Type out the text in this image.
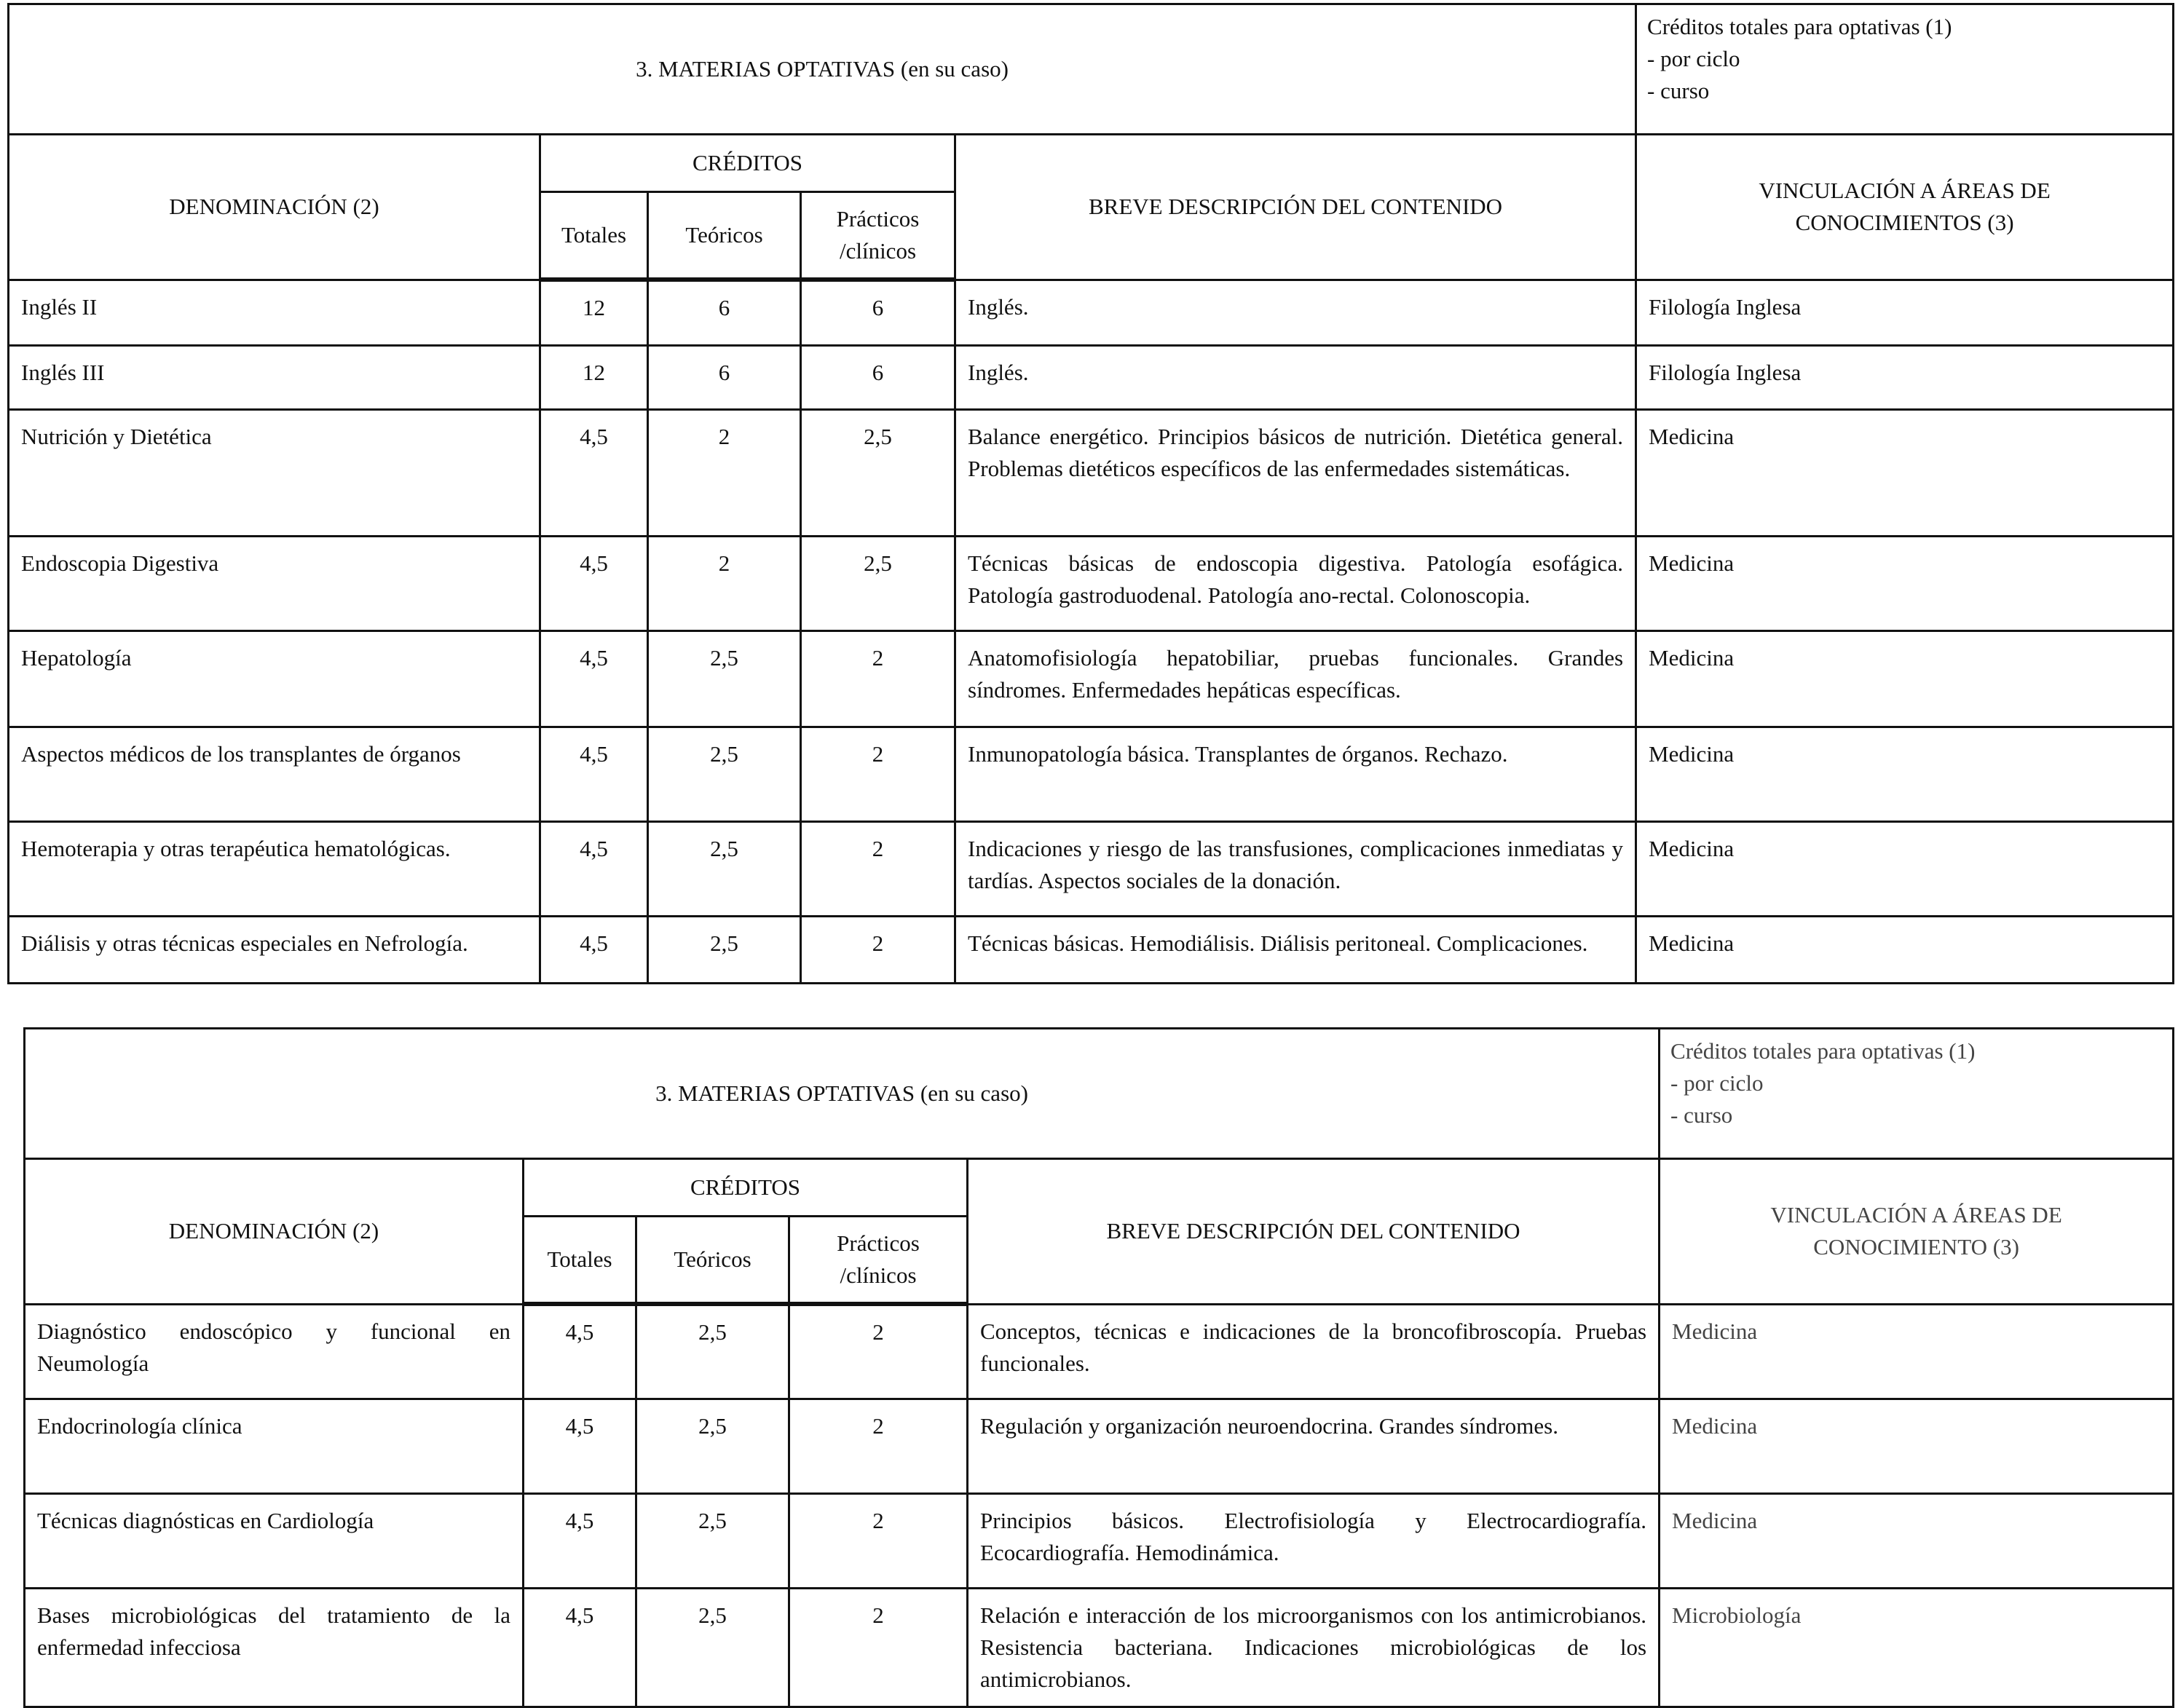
3. MATERIAS OPTATIVAS (en su caso)					Créditos totales para optativas (1)
- por ciclo
- curso

DENOMINACIÓN (2)	CRÉDITOS			BREVE DESCRIPCIÓN DEL CONTENIDO	VINCULACIÓN A ÁREAS DE CONOCIMIENTOS (3)
	Totales	Teóricos	Prácticos /clínicos		
Inglés II	12	6	6	Inglés.	Filología Inglesa
Inglés III	12	6	6	Inglés.	Filología Inglesa
Nutrición y Dietética	4,5	2	2,5	Balance energético. Principios básicos de nutrición. Dietética general. Problemas dietéticos específicos de las enfermedades sistemáticas.	Medicina
Endoscopia Digestiva	4,5	2	2,5	Técnicas básicas de endoscopia digestiva. Patología esofágica. Patología gastroduodenal. Patología ano-rectal. Colonoscopia.	Medicina
Hepatología	4,5	2,5	2	Anatomofisiología hepatobiliar, pruebas funcionales. Grandes síndromes. Enfermedades hepáticas específicas.	Medicina
Aspectos médicos de los transplantes de órganos	4,5	2,5	2	Inmunopatología básica. Transplantes de órganos. Rechazo.	Medicina
Hemoterapia y otras terapéutica hematológicas.	4,5	2,5	2	Indicaciones y riesgo de las transfusiones, complicaciones inmediatas y tardías. Aspectos sociales de la donación.	Medicina
Diálisis y otras técnicas especiales en Nefrología.	4,5	2,5	2	Técnicas básicas. Hemodiálisis. Diálisis peritoneal. Complicaciones.	Medicina
3. MATERIAS OPTATIVAS (en su caso)					Créditos totales para optativas (1)
- por ciclo
- curso

DENOMINACIÓN (2)	CRÉDITOS			BREVE DESCRIPCIÓN DEL CONTENIDO	VINCULACIÓN A ÁREAS DE CONOCIMIENTO (3)
	Totales	Teóricos	Prácticos /clínicos		
Diagnóstico endoscópico y funcional en Neumología	4,5	2,5	2	Conceptos, técnicas e indicaciones de la broncofibroscopía. Pruebas funcionales.	Medicina
Endocrinología clínica	4,5	2,5	2	Regulación y organización neuroendocrina. Grandes síndromes.	Medicina
Técnicas diagnósticas en Cardiología	4,5	2,5	2	Principios básicos. Electrofisiología y Electrocardiografía. Ecocardiografía. Hemodinámica.	Medicina
Bases microbiológicas del tratamiento de la enfermedad infecciosa	4,5	2,5	2	Relación e interacción de los microorganismos con los antimicrobianos. Resistencia bacteriana. Indicaciones microbiológicas de los antimicrobianos.	Microbiología
